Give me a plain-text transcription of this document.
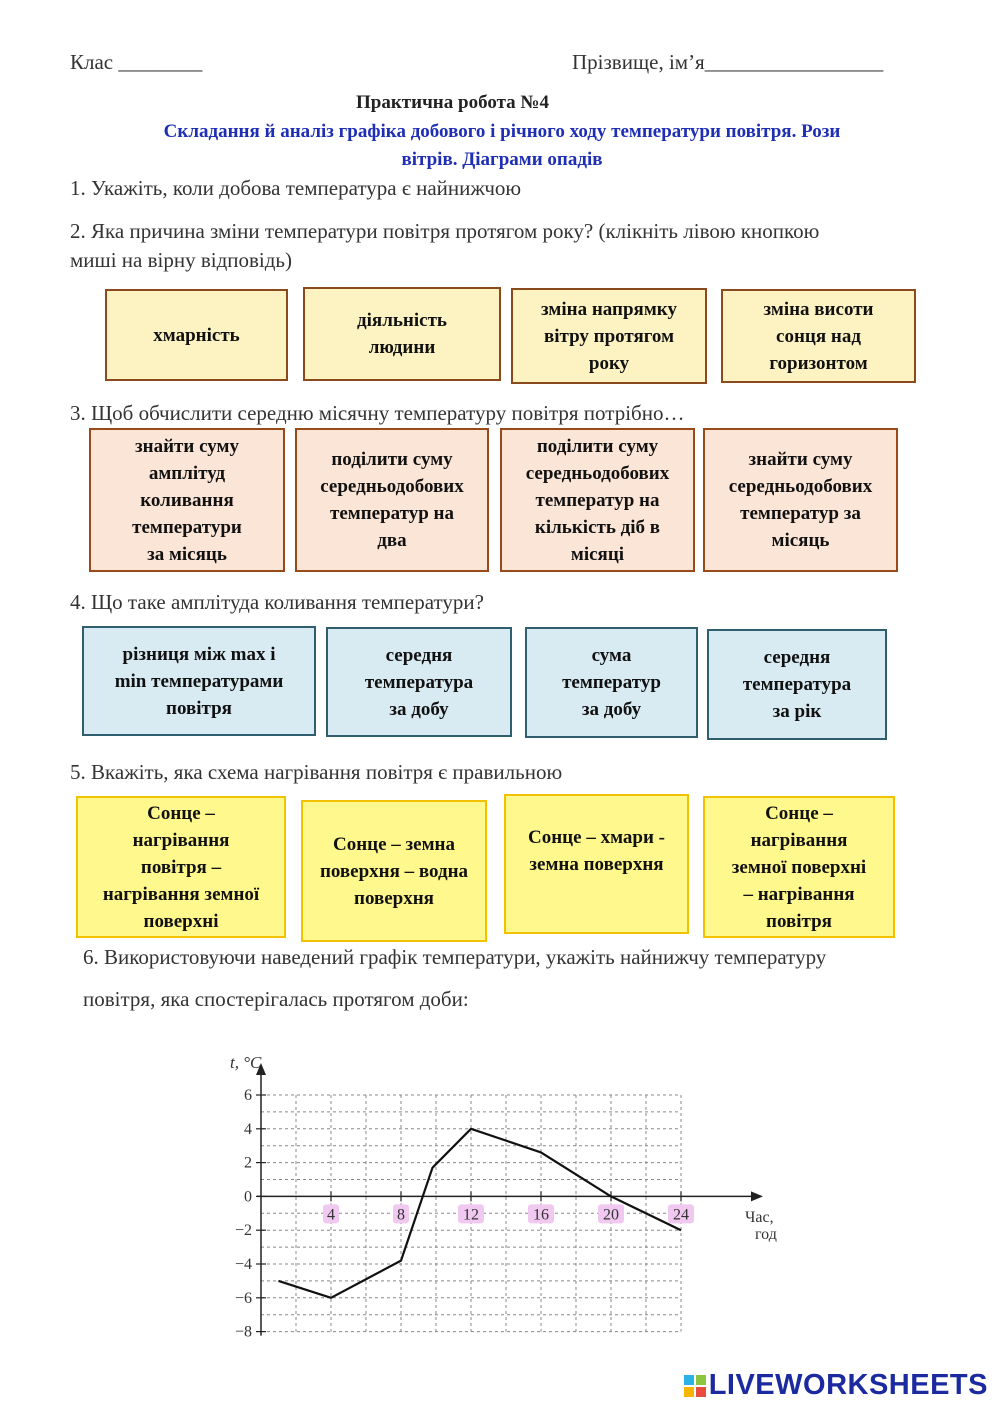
Клас ________	Прізвище, ім’я_________________
Практична робота №4
Складання й аналіз графіка добового і річного ходу температури повітря. Рози
вітрів. Діаграми опадів
1. Укажіть, коли добова температура є найнижчою
2. Яка причина зміни температури повітря протягом року? (клікніть лівою кнопкою
миші на вірну відповідь)
хмарність
діяльність
людини
зміна напрямку
вітру протягом
року
зміна висоти
сонця над
горизонтом
3. Щоб обчислити середню місячну температуру повітря потрібно…
знайти суму
амплітуд
коливання
температури
за місяць
поділити суму
середньодобових
температур на
два
поділити суму
середньодобових
температур на
кількість діб в
місяці
знайти суму
середньодобових
температур за
місяць
4. Що таке амплітуда коливання температури?
різниця між max і
min температурами
повітря
середня
температура
за добу
сума
температур
за добу
середня
температура
за рік
5. Вкажіть, яка схема нагрівання повітря є правильною
Сонце –
нагрівання
повітря –
нагрівання земної
поверхні
Сонце – земна
поверхня – водна
поверхня
Сонце – хмари -
земна поверхня
Сонце –
нагрівання
земної поверхні
– нагрівання
повітря
6. Використовуючи наведений графік температури, укажіть найнижчу температуру
повітря, яка спостерігалась протягом доби:
6
4
2
0
−2
−4
−6
−8
4	8	12	16	20	24
t, °C
Час,
год
LIVEWORKSHEETS
